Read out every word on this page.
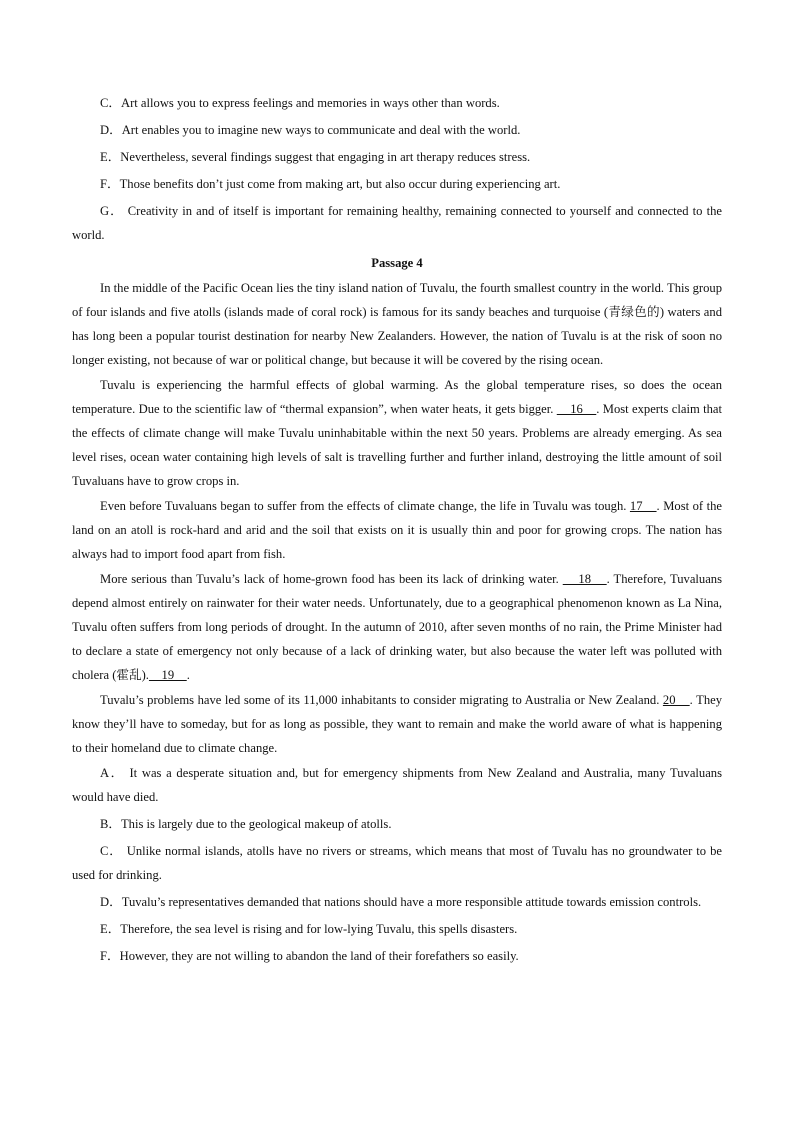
C．Art allows you to express feelings and memories in ways other than words.

D．Art enables you to imagine new ways to communicate and deal with the world.

E．Nevertheless, several findings suggest that engaging in art therapy reduces stress.

F．Those benefits don’t just come from making art, but also occur during experiencing art.

G． Creativity in and of itself is important for remaining healthy, remaining connected to yourself and connected to the world.

Passage 4

In the middle of the Pacific Ocean lies the tiny island nation of Tuvalu, the fourth smallest country in the world. This group of four islands and five atolls (islands made of coral rock) is famous for its sandy beaches and turquoise (青绿色的) waters and has long been a popular tourist destination for nearby New Zealanders. However, the nation of Tuvalu is at the risk of soon no longer existing, not because of war or political change, but because it will be covered by the rising ocean.

Tuvalu is experiencing the harmful effects of global warming. As the global temperature rises, so does the ocean temperature. Due to the scientific law of “thermal expansion”, when water heats, it gets bigger.     16    . Most experts claim that the effects of climate change will make Tuvalu uninhabitable within the next 50 years. Problems are already emerging. As sea level rises, ocean water containing high levels of salt is travelling further and further inland, destroying the little amount of soil Tuvaluans have to grow crops in.

Even before Tuvaluans began to suffer from the effects of climate change, the life in Tuvalu was tough. 17    . Most of the land on an atoll is rock-hard and arid and the soil that exists on it is usually thin and poor for growing crops. The nation has always had to import food apart from fish.

More serious than Tuvalu’s lack of home-grown food has been its lack of drinking water.     18    . Therefore, Tuvaluans depend almost entirely on rainwater for their water needs. Unfortunately, due to a geographical phenomenon known as La Nina, Tuvalu often suffers from long periods of drought. In the autumn of 2010, after seven months of no rain, the Prime Minister had to declare a state of emergency not only because of a lack of drinking water, but also because the water left was polluted with cholera (霍乱).    19    .

Tuvalu’s problems have led some of its 11,000 inhabitants to consider migrating to Australia or New Zealand. 20    . They know they’ll have to someday, but for as long as possible, they want to remain and make the world aware of what is happening to their homeland due to climate change.

A． It was a desperate situation and, but for emergency shipments from New Zealand and Australia, many Tuvaluans would have died.

B．This is largely due to the geological makeup of atolls.

C． Unlike normal islands, atolls have no rivers or streams, which means that most of Tuvalu has no groundwater to be used for drinking.

D．Tuvalu’s representatives demanded that nations should have a more responsible attitude towards emission controls.

E．Therefore, the sea level is rising and for low-lying Tuvalu, this spells disasters.

F．However, they are not willing to abandon the land of their forefathers so easily.
